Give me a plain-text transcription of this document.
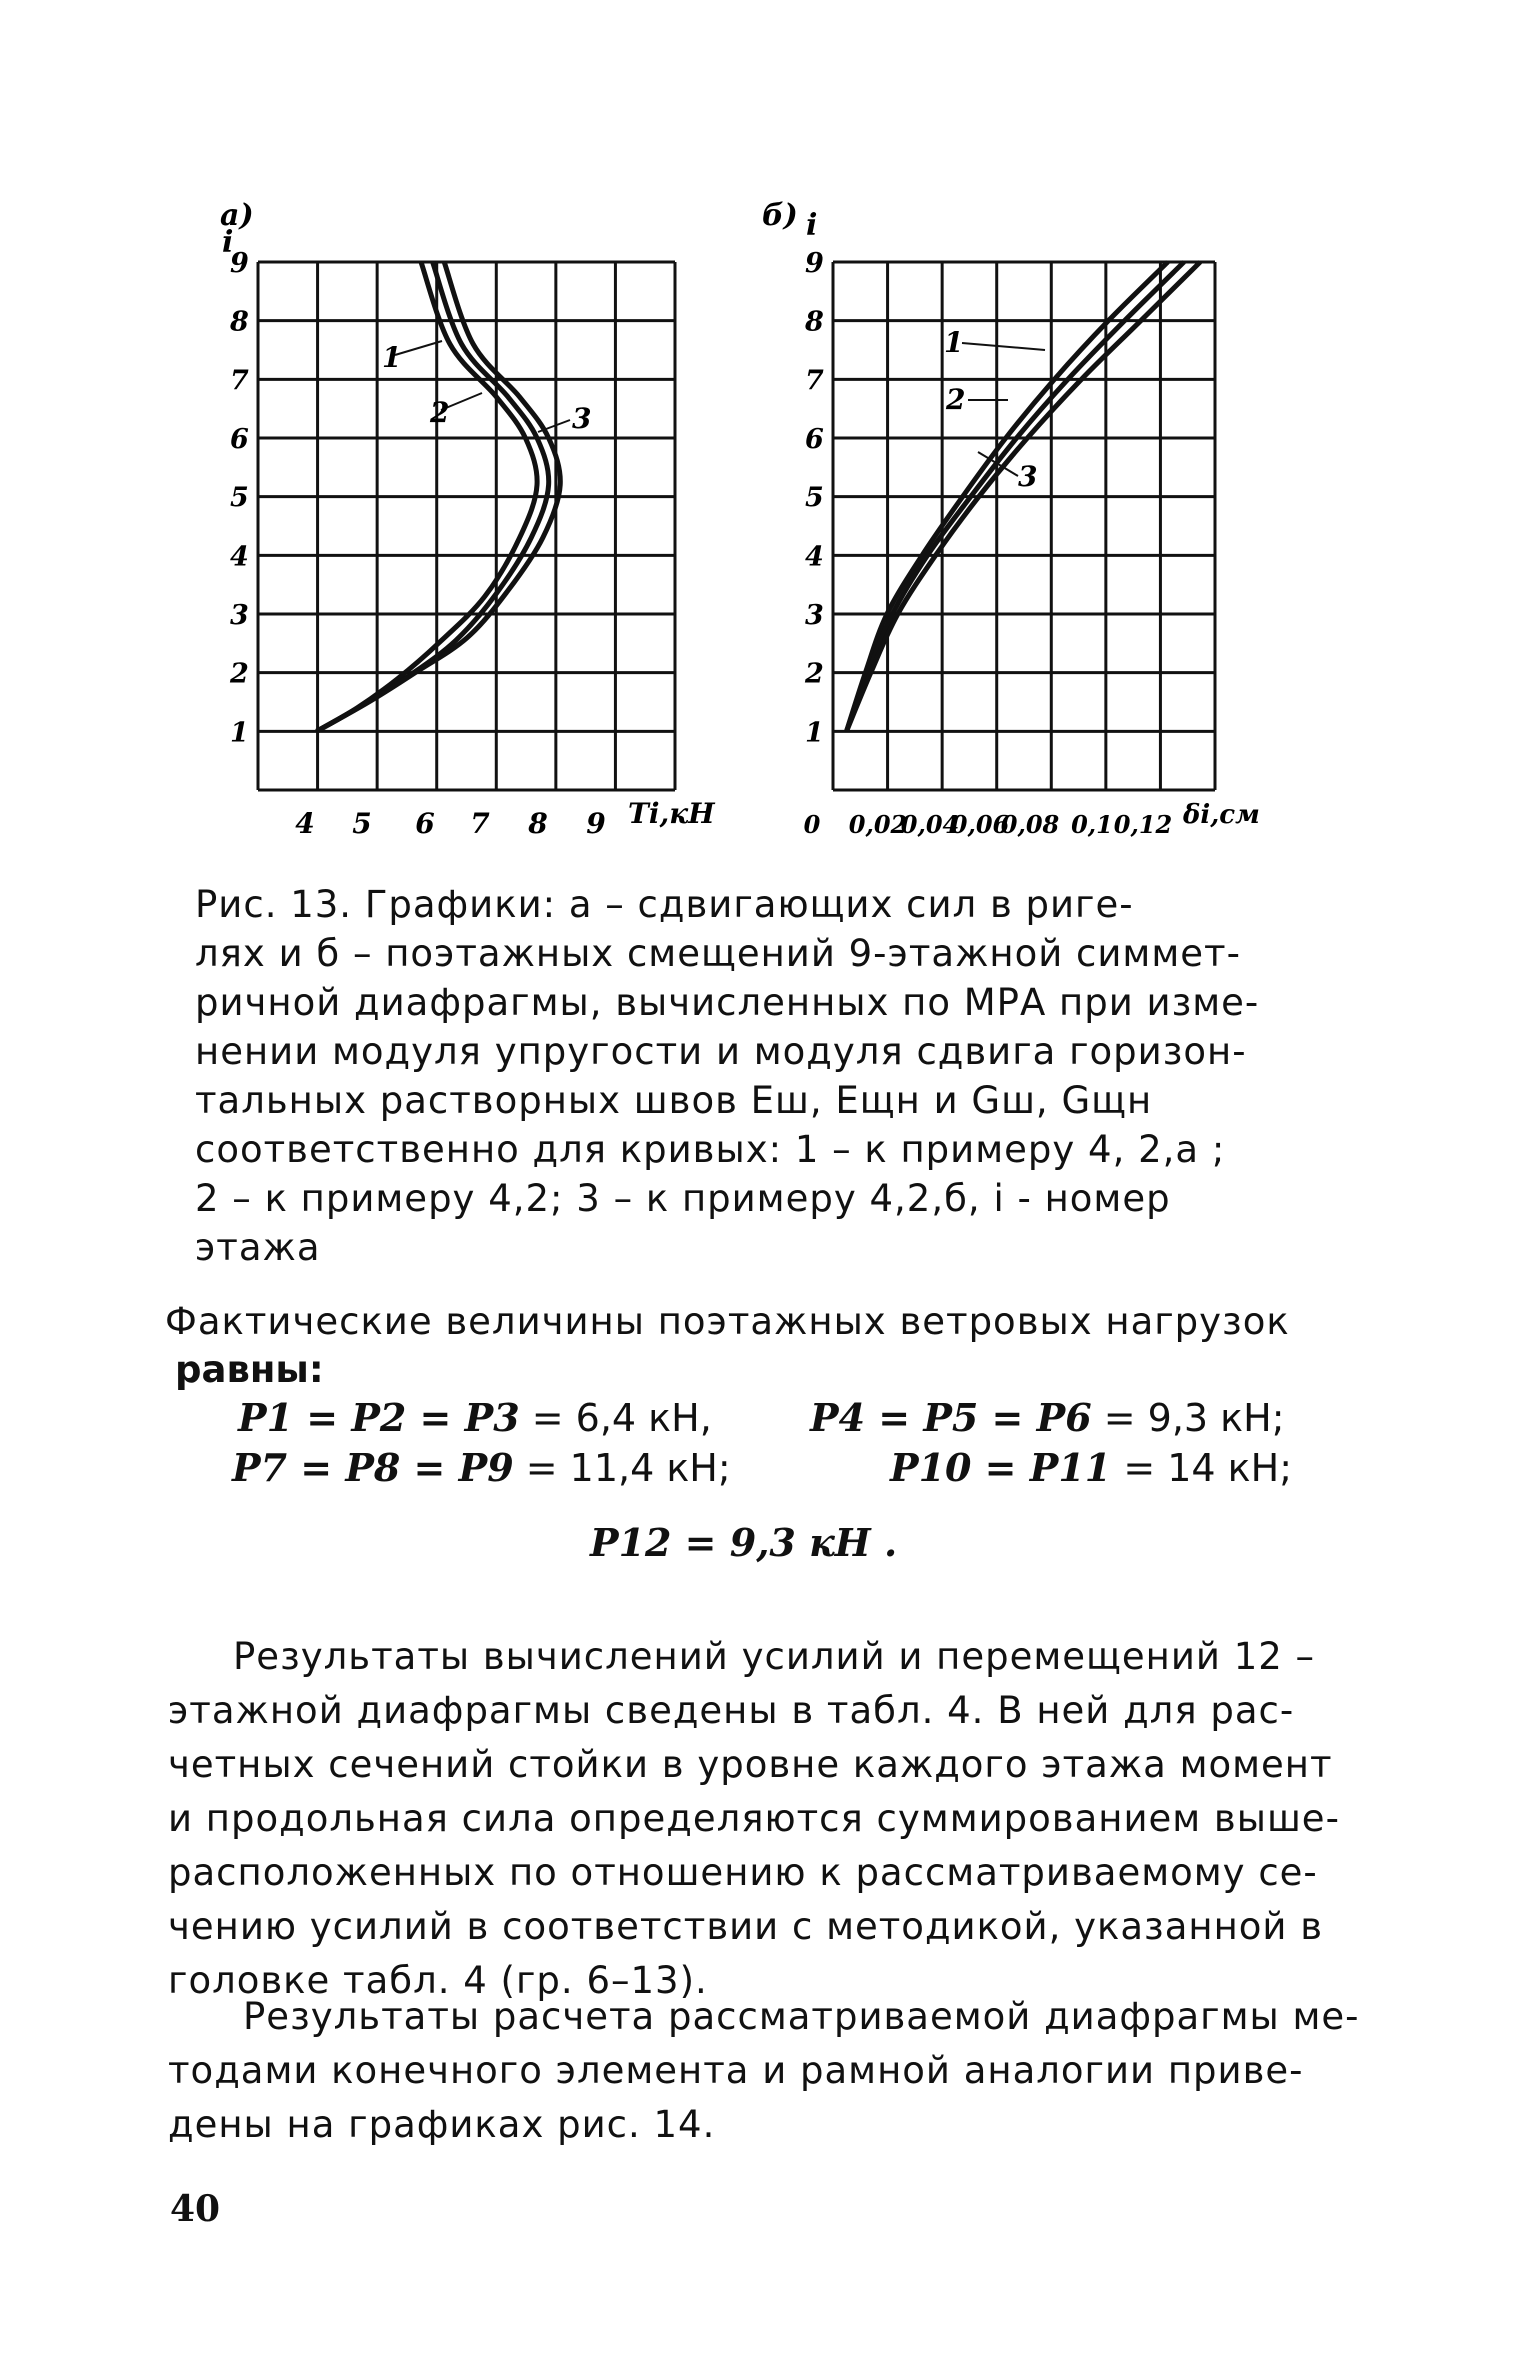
а)
i
1
2
3
4
5
6
7
8
9
4 5 6 7 8 9 Ti,кН
1
2	3
б) i
1
2
3
4
5
6
7
8
9
0 0,02
0,04
0,06
0,08 0,1 0,12 δi,см
1
2
3
Рис. 13. Графики: а – сдвигающих сил в риге-
лях и б – поэтажных смещений 9-этажной симмет-
ричной диафрагмы, вычисленных по МРА при изме-
нении модуля упругости и модуля сдвига горизон-
тальных растворных швов Еш, Ещн и Gш, Gщн
соответственно для кривых: 1 – к примеру 4, 2,а ;
2 – к примеру 4,2; 3 – к примеру 4,2,б, i - номер
этажа
Фактические величины поэтажных ветровых нагрузок
равны:
P1 = P2 = P3 = 6,4 кН,	P4 = P5 = P6 = 9,3 кН;
P7 = P8 = P9 = 11,4 кН;	P10 = P11 = 14 кН;
P12 = 9,3 кН .
Результаты вычислений усилий и перемещений 12 –
этажной диафрагмы сведены в табл. 4. В ней для рас-
четных сечений стойки в уровне каждого этажа момент
и продольная сила определяются суммированием выше-
расположенных по отношению к рассматриваемому се-
чению усилий в соответствии с методикой, указанной в
головке табл. 4 (гр. 6–13).
Результаты расчета рассматриваемой диафрагмы ме-
тодами конечного элемента и рамной аналогии приве-
дены на графиках рис. 14.
40
